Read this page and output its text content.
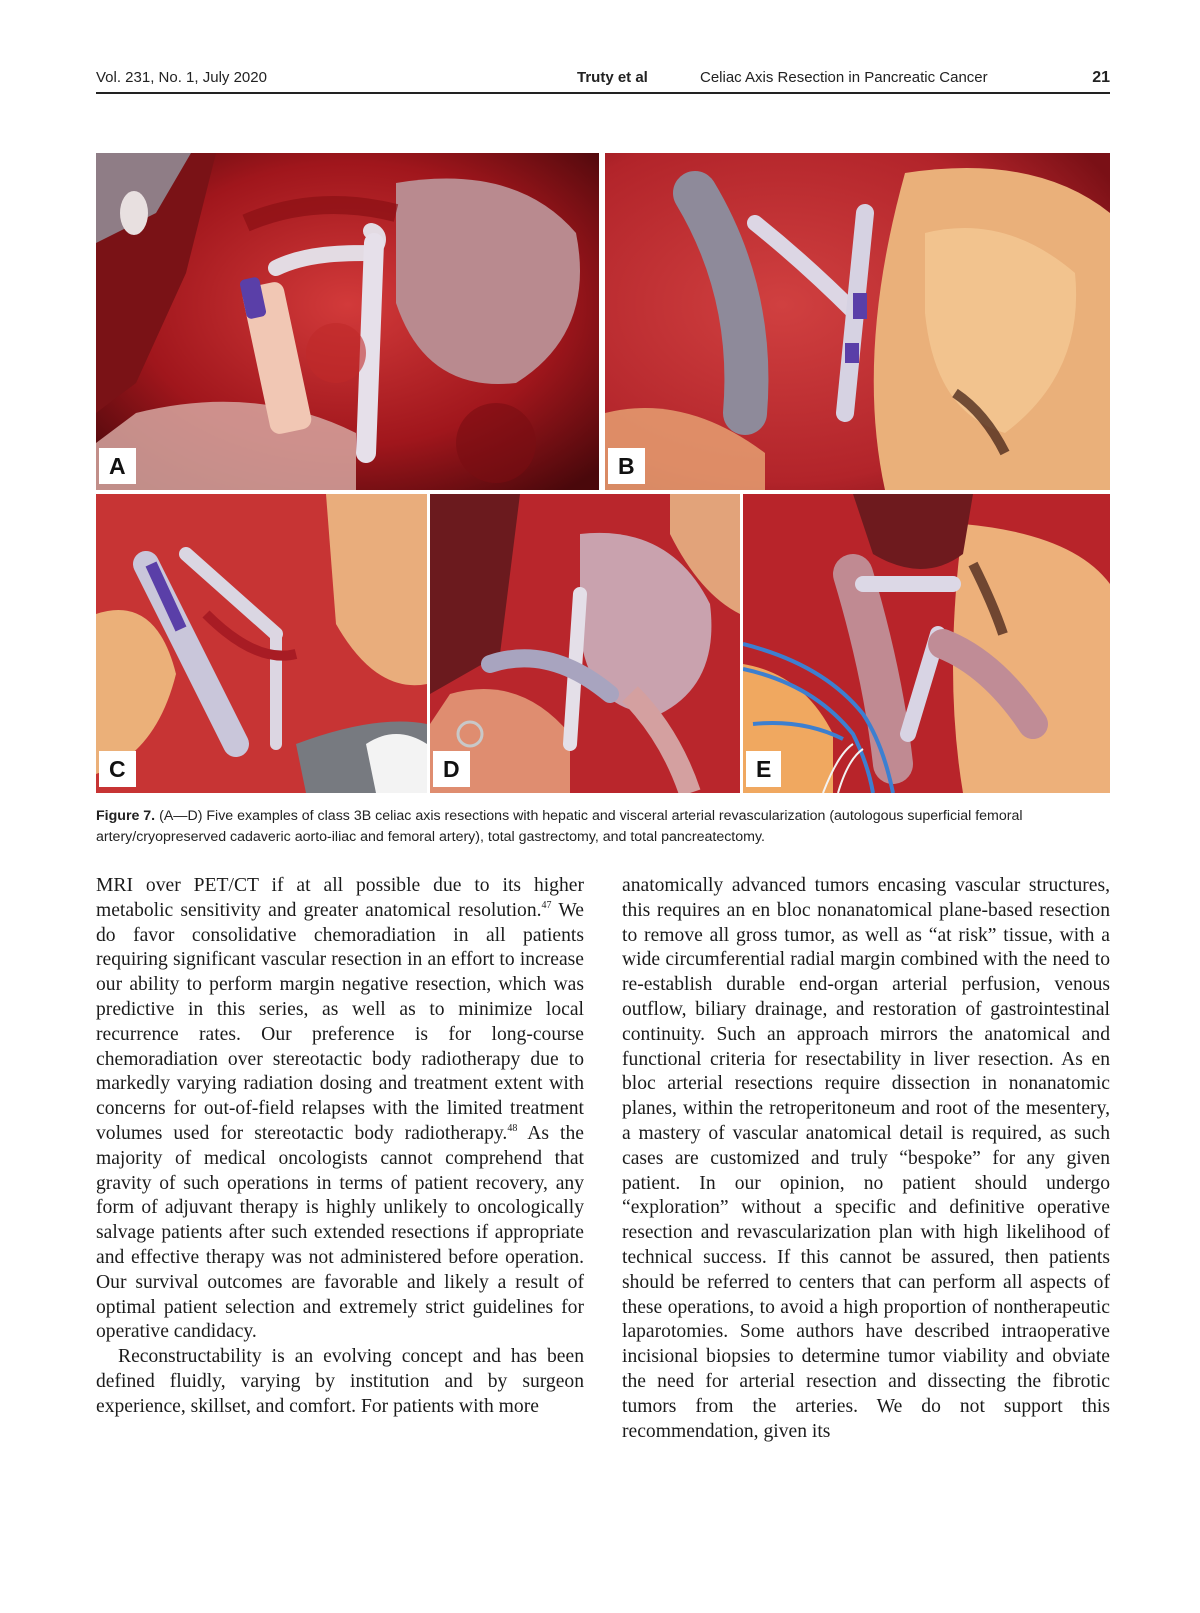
Vol. 231, No. 1, July 2020	Truty et al	Celiac Axis Resection in Pancreatic Cancer	21
A	B
C	D	E
Figure 7. (A—D) Five examples of class 3B celiac axis resections with hepatic and visceral arterial revascularization (autologous superficial femoral artery/cryopreserved cadaveric aorto-iliac and femoral artery), total gastrectomy, and total pancreatectomy.

MRI over PET/CT if at all possible due to its higher metabolic sensitivity and greater anatomical resolution.$^{47}$ We do favor consolidative chemoradiation in all patients requiring significant vascular resection in an effort to increase our ability to perform margin negative resection, which was predictive in this series, as well as to minimize local recurrence rates. Our preference is for long-course chemoradiation over stereotactic body radiotherapy due to markedly varying radiation dosing and treatment extent with concerns for out-of-field relapses with the limited treatment volumes used for stereotactic body radiotherapy.$^{48}$ As the majority of medical oncologists cannot comprehend that gravity of such operations in terms of patient recovery, any form of adjuvant therapy is highly unlikely to oncologically salvage patients after such extended resections if appropriate and effective therapy was not administered before operation. Our survival outcomes are favorable and likely a result of optimal patient selection and extremely strict guidelines for operative candidacy.

Reconstructability is an evolving concept and has been defined fluidly, varying by institution and by surgeon experience, skillset, and comfort. For patients with more

anatomically advanced tumors encasing vascular structures, this requires an en bloc nonanatomical plane-based resection to remove all gross tumor, as well as “at risk” tissue, with a wide circumferential radial margin combined with the need to re-establish durable end-organ arterial perfusion, venous outflow, biliary drainage, and restoration of gastrointestinal continuity. Such an approach mirrors the anatomical and functional criteria for resectability in liver resection. As en bloc arterial resections require dissection in nonanatomic planes, within the retroperitoneum and root of the mesentery, a mastery of vascular anatomical detail is required, as such cases are customized and truly “bespoke” for any given patient. In our opinion, no patient should undergo “exploration” without a specific and definitive operative resection and revascularization plan with high likelihood of technical success. If this cannot be assured, then patients should be referred to centers that can perform all aspects of these operations, to avoid a high proportion of nontherapeutic laparotomies. Some authors have described intraoperative incisional biopsies to determine tumor viability and obviate the need for arterial resection and dissecting the fibrotic tumors from the arteries. We do not support this recommendation, given its
